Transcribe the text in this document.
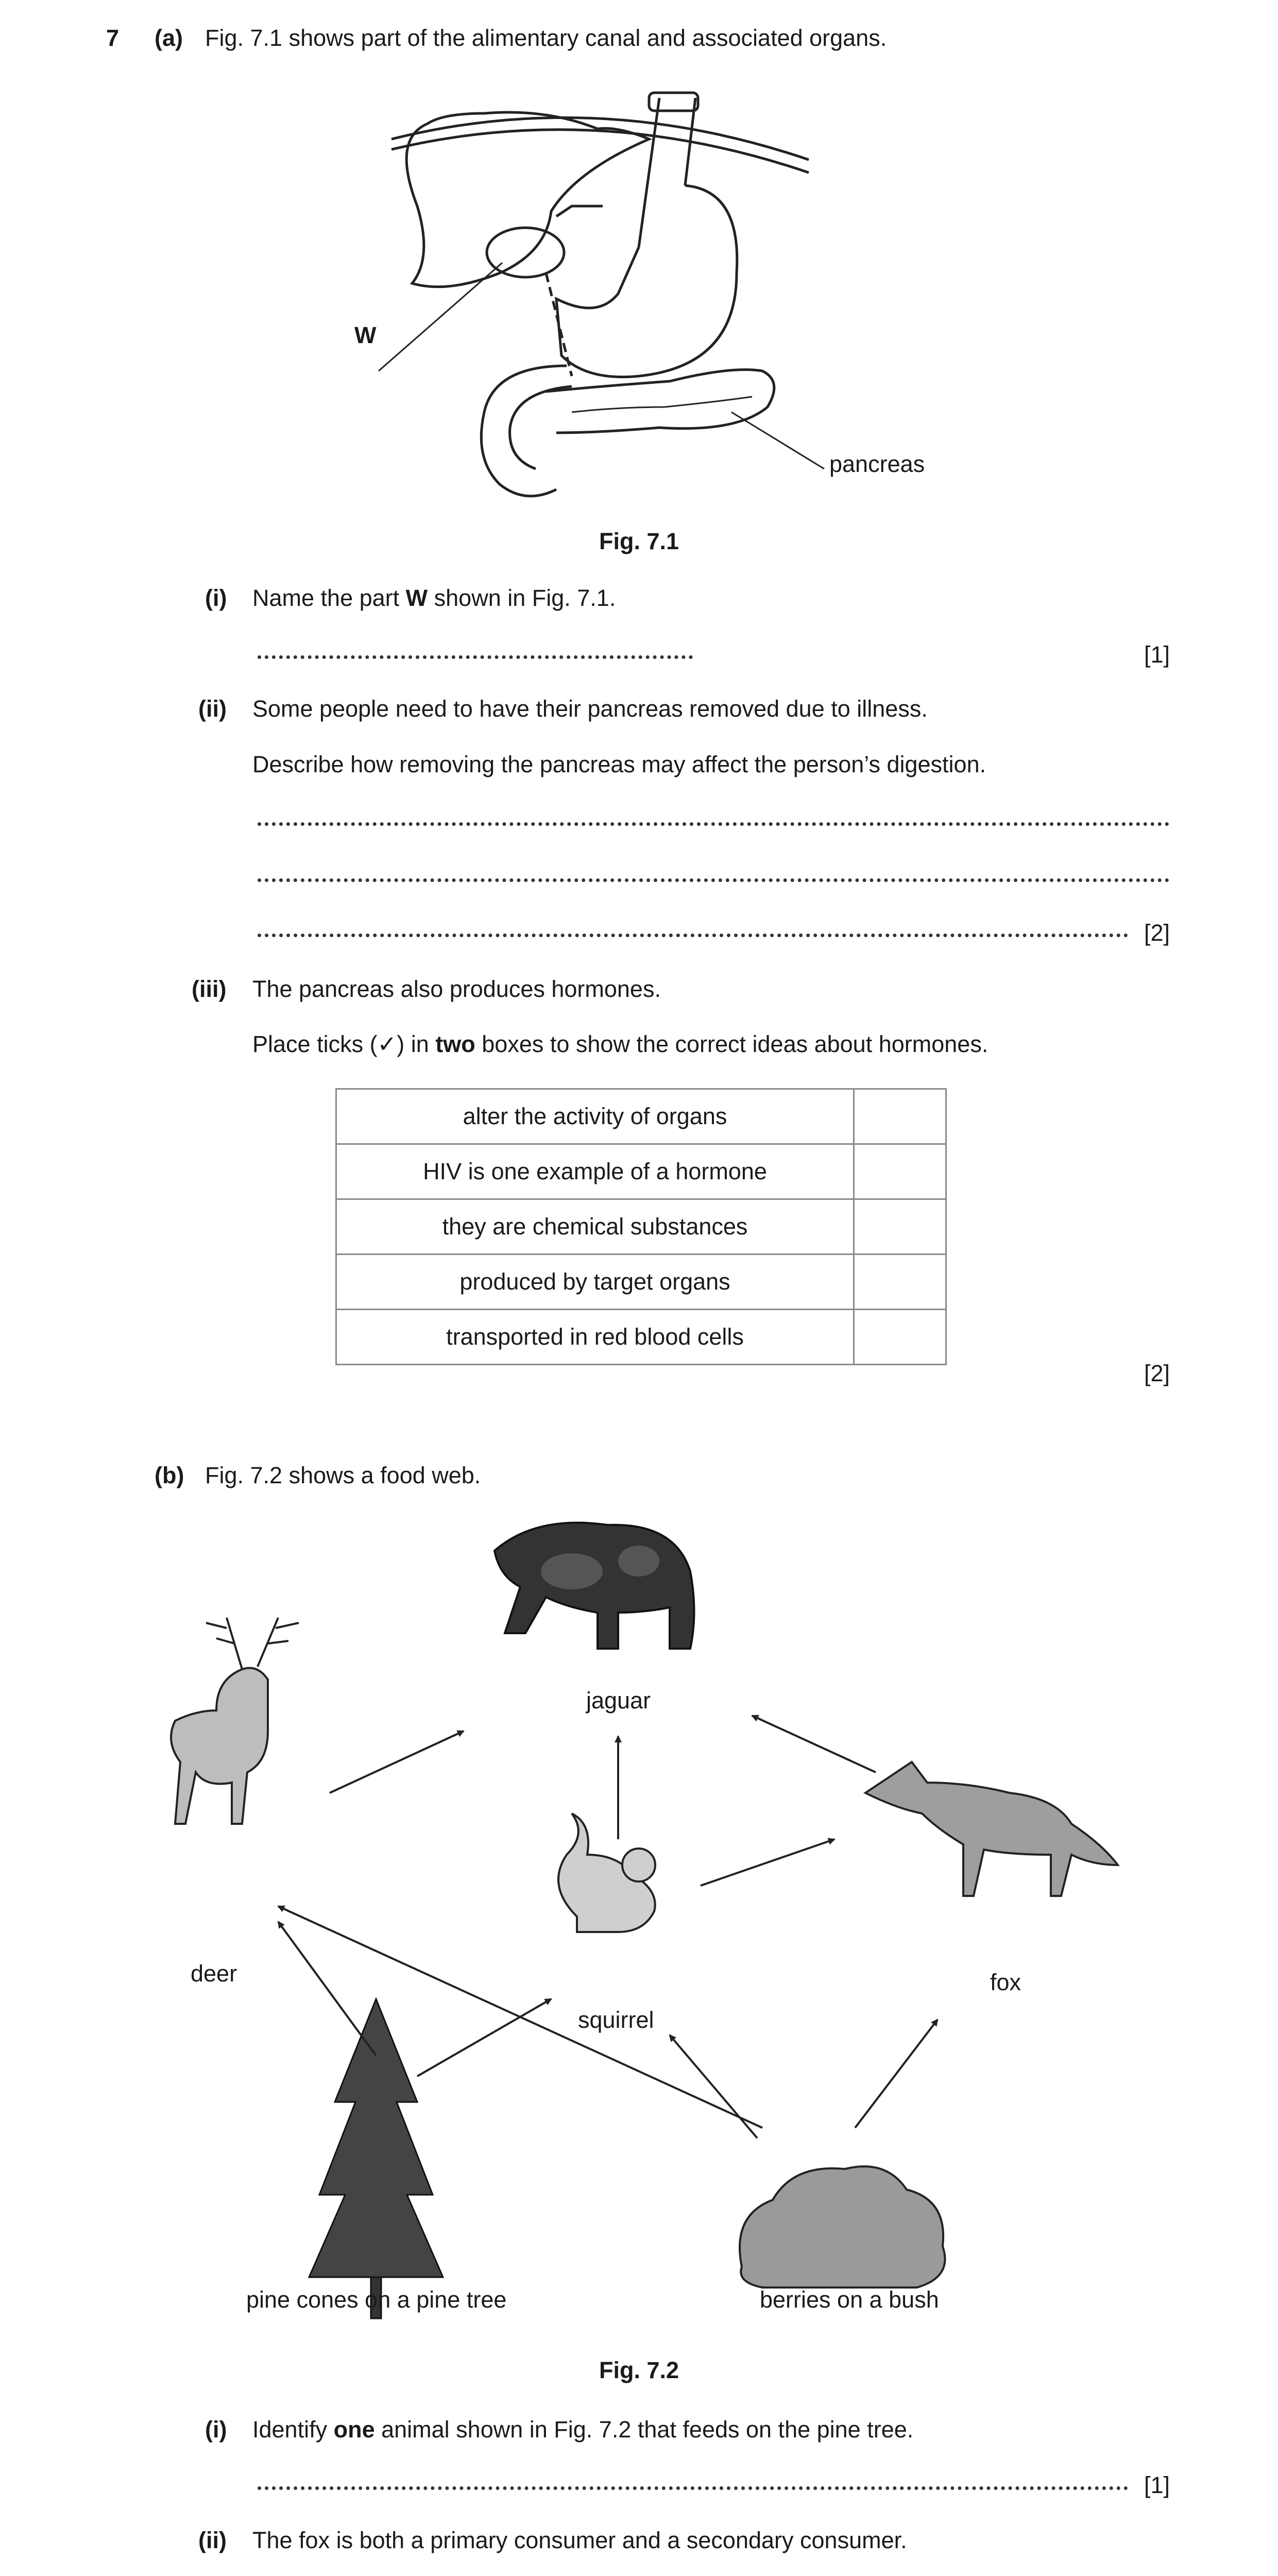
7 (a) Fig. 7.1 shows part of the alimentary canal and associated organs.
W
pancreas
Fig. 7.1
(i) Name the part W shown in Fig. 7.1.
[1]
(ii) Some people need to have their pancreas removed due to illness.
Describe how removing the pancreas may affect the person’s digestion.
[2]
(iii) The pancreas also produces hormones.
Place ticks (✓) in two boxes to show the correct ideas about hormones.
alter the activity of organs	
HIV is one example of a hormone	
they are chemical substances	
produced by target organs	
transported in red blood cells	
[2]
(b) Fig. 7.2 shows a food web.
jaguar
deer
squirrel
fox
pine cones on a pine tree	berries on a bush
Fig. 7.2
(i) Identify one animal shown in Fig. 7.2 that feeds on the pine tree.
[1]
(ii) The fox is both a primary consumer and a secondary consumer.
